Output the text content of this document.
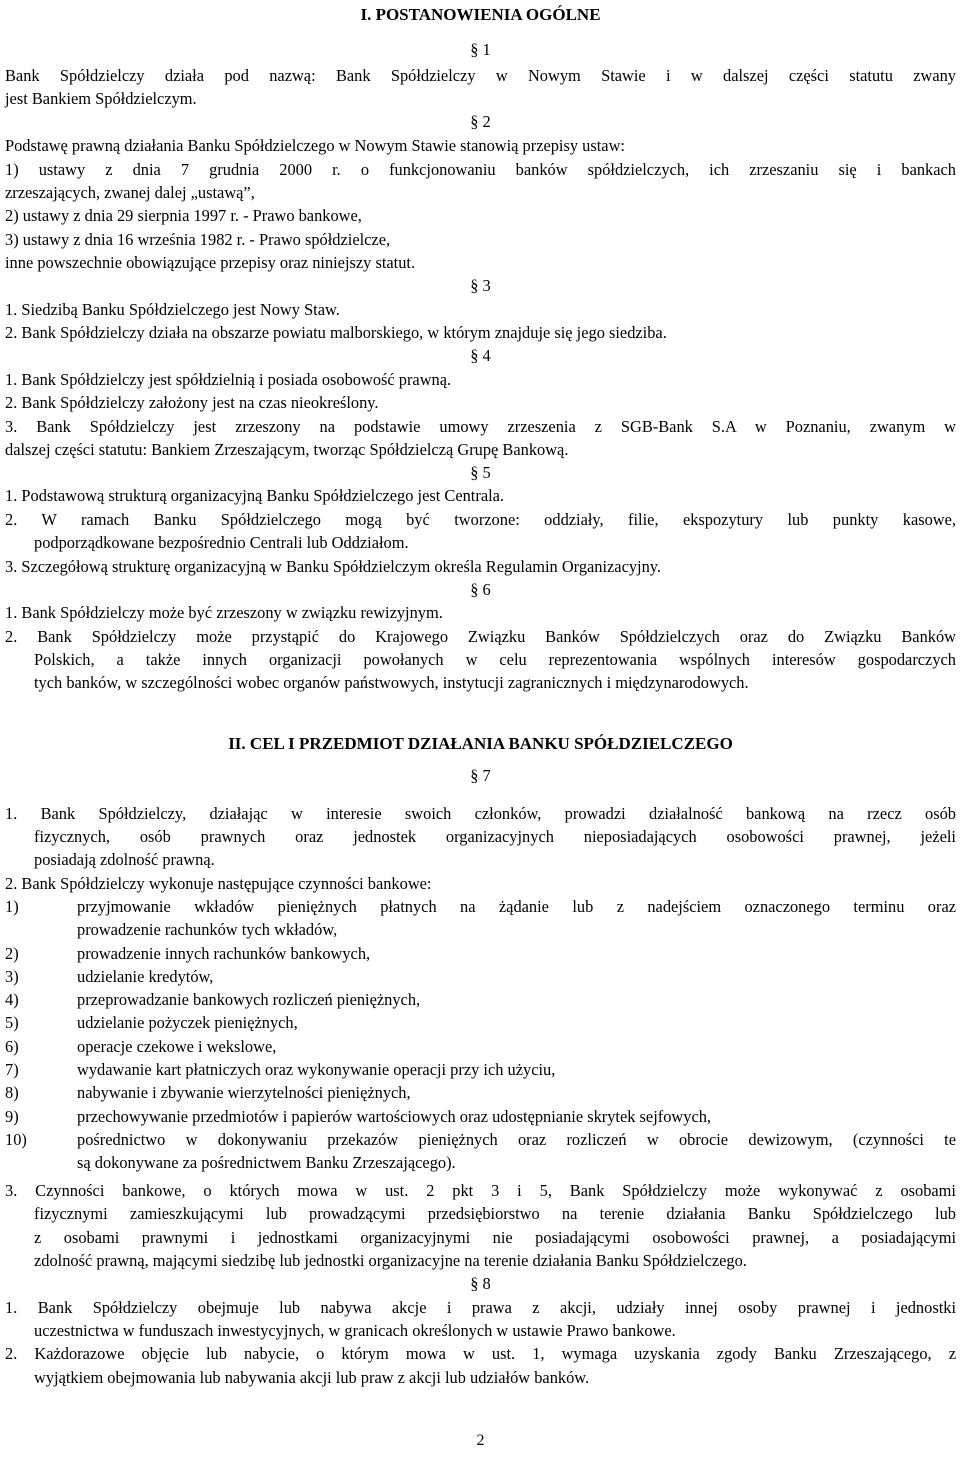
I. POSTANOWIENIA OGÓLNE
§ 1
Bank Spółdzielczy działa pod nazwą: Bank Spółdzielczy w Nowym Stawie i w dalszej części statutu zwany
jest Bankiem Spółdzielczym.
§ 2
Podstawę prawną działania Banku Spółdzielczego w Nowym Stawie stanowią przepisy ustaw:
1) ustawy z dnia 7 grudnia 2000 r. o funkcjonowaniu banków spółdzielczych, ich zrzeszaniu się i bankach
zrzeszających, zwanej dalej „ustawą”,
2) ustawy z dnia 29 sierpnia 1997 r. - Prawo bankowe,
3) ustawy z dnia 16 września 1982 r. - Prawo spółdzielcze,
inne powszechnie obowiązujące przepisy oraz niniejszy statut.
§ 3
1. Siedzibą Banku Spółdzielczego jest Nowy Staw.
2. Bank Spółdzielczy działa na obszarze powiatu malborskiego, w którym znajduje się jego siedziba.
§ 4
1. Bank Spółdzielczy jest spółdzielnią i posiada osobowość prawną.
2. Bank Spółdzielczy założony jest na czas nieokreślony.
3. Bank Spółdzielczy jest zrzeszony na podstawie umowy zrzeszenia z SGB-Bank S.A w Poznaniu, zwanym w
dalszej części statutu: Bankiem Zrzeszającym, tworząc Spółdzielczą Grupę Bankową.
§ 5
1. Podstawową strukturą organizacyjną Banku Spółdzielczego jest Centrala.
2. W ramach Banku Spółdzielczego mogą być tworzone: oddziały, filie, ekspozytury lub punkty kasowe,
podporządkowane bezpośrednio Centrali lub Oddziałom.
3. Szczegółową strukturę organizacyjną w Banku Spółdzielczym określa Regulamin Organizacyjny.
§ 6
1. Bank Spółdzielczy może być zrzeszony w związku rewizyjnym.
2. Bank Spółdzielczy może przystąpić do Krajowego Związku Banków Spółdzielczych oraz do Związku Banków
Polskich, a także innych organizacji powołanych w celu reprezentowania wspólnych interesów gospodarczych
tych banków, w szczególności wobec organów państwowych, instytucji zagranicznych i międzynarodowych.
II. CEL I PRZEDMIOT DZIAŁANIA BANKU SPÓŁDZIELCZEGO
§ 7
1. Bank Spółdzielczy, działając w interesie swoich członków, prowadzi działalność bankową na rzecz osób
fizycznych, osób prawnych oraz jednostek organizacyjnych nieposiadających osobowości prawnej, jeżeli
posiadają zdolność prawną.
2. Bank Spółdzielczy wykonuje następujące czynności bankowe:
1)	przyjmowanie wkładów pieniężnych płatnych na żądanie lub z nadejściem oznaczonego terminu oraz
prowadzenie rachunków tych wkładów,
2)	prowadzenie innych rachunków bankowych,
3)	udzielanie kredytów,
4)	przeprowadzanie bankowych rozliczeń pieniężnych,
5)	udzielanie pożyczek pieniężnych,
6)	operacje czekowe i wekslowe,
7)	wydawanie kart płatniczych oraz wykonywanie operacji przy ich użyciu,
8)	nabywanie i zbywanie wierzytelności pieniężnych,
9)	przechowywanie przedmiotów i papierów wartościowych oraz udostępnianie skrytek sejfowych,
10)	pośrednictwo w dokonywaniu przekazów pieniężnych oraz rozliczeń w obrocie dewizowym, (czynności te
są dokonywane za pośrednictwem Banku Zrzeszającego).
3. Czynności bankowe, o których mowa w ust. 2 pkt 3 i 5, Bank Spółdzielczy może wykonywać z osobami
fizycznymi zamieszkującymi lub prowadzącymi przedsiębiorstwo na terenie działania Banku Spółdzielczego lub
z osobami prawnymi i jednostkami organizacyjnymi nie posiadającymi osobowości prawnej, a posiadającymi
zdolność prawną, mającymi siedzibę lub jednostki organizacyjne na terenie działania Banku Spółdzielczego.
§ 8
1. Bank Spółdzielczy obejmuje lub nabywa akcje i prawa z akcji, udziały innej osoby prawnej i jednostki
uczestnictwa w funduszach inwestycyjnych, w granicach określonych w ustawie Prawo bankowe.
2. Każdorazowe objęcie lub nabycie, o którym mowa w ust. 1, wymaga uzyskania zgody Banku Zrzeszającego, z
wyjątkiem obejmowania lub nabywania akcji lub praw z akcji lub udziałów banków.
2
